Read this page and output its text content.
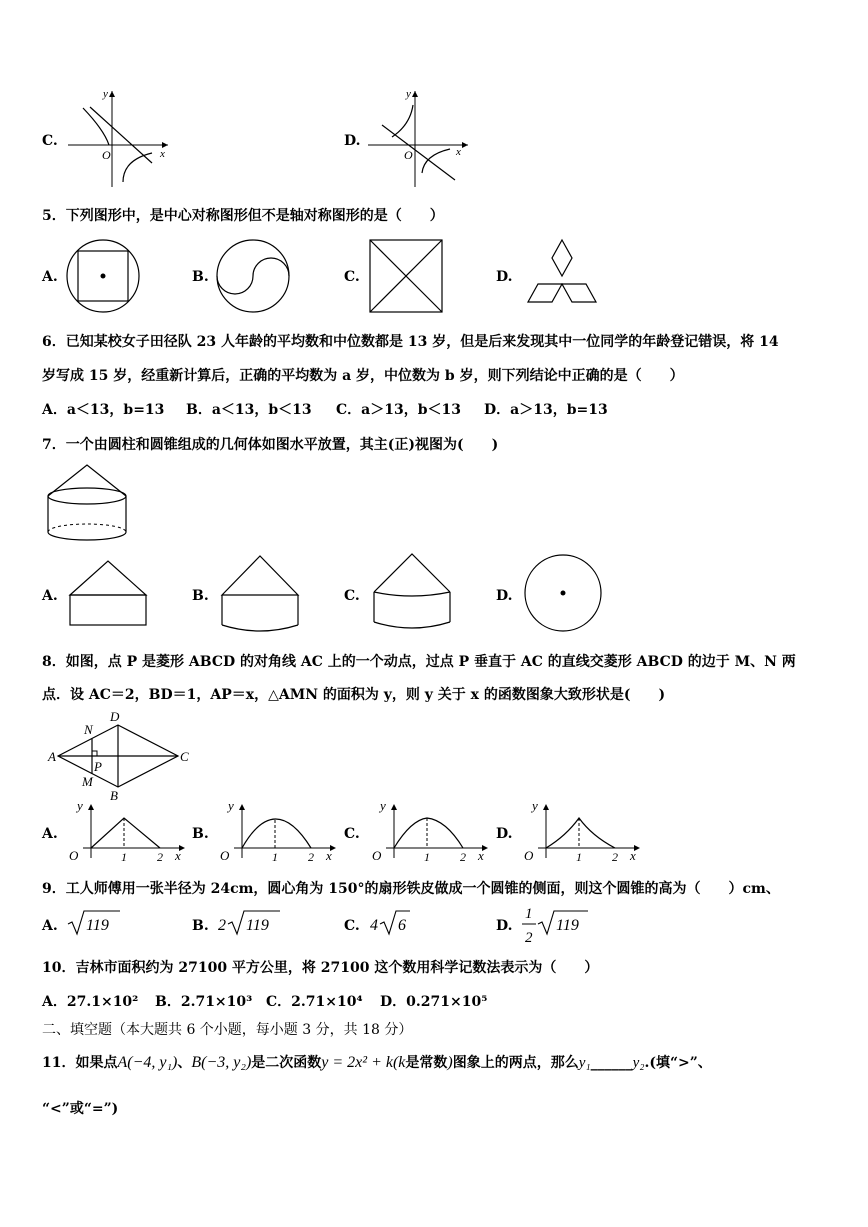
C.
y
x
O
D.
y
x
O
5．下列图形中，是中心对称图形但不是轴对称图形的是（　　）
A.	B.	C.	D.
6．已知某校女子田径队 23 人年龄的平均数和中位数都是 13 岁，但是后来发现其中一位同学的年龄登记错误，将 14
岁写成 15 岁，经重新计算后，正确的平均数为 a 岁，中位数为 b 岁，则下列结论中正确的是（　　）
A．a＜13，b=13 B．a＜13，b＜13 C．a＞13，b＜13 D．a＞13，b=13
7．一个由圆柱和圆锥组成的几何体如图水平放置，其主(正)视图为(　　)
A.	B.	C.	D.
8．如图，点 P 是菱形 ABCD 的对角线 AC 上的一个动点，过点 P 垂直于 AC 的直线交菱形 ABCD 的边于 M、N 两
点．设 AC＝2，BD＝1，AP＝x，△AMN 的面积为 y，则 y 关于 x 的函数图象大致形状是(　　)
A
D
C
B
N
M
P
A.
y
O	1	2 x
B.
y
O	1	2 x
C.
y
O	1	2 x
D.
y
O	1	2 x
9．工人师傅用一张半径为 24cm，圆心角为 150°的扇形铁皮做成一个圆锥的侧面，则这个圆锥的高为（　　）cm、
A. 119	B. 2 119	C. 4 6	D.
1
2
119
10．吉林市面积约为 27100 平方公里，将 27100 这个数用科学记数法表示为（　　）
A．27.1×10² B．2.71×10³ C．2.71×10⁴ D．0.271×10⁵
二、填空题（本大题共 6 个小题，每小题 3 分，共 18 分）
11．如果点A(−4, y₁)、B(−3, y₂)是二次函数y = 2x² + k(k是常数)图象上的两点，那么y₁______y₂.(填“>”、
“<”或“=”)
